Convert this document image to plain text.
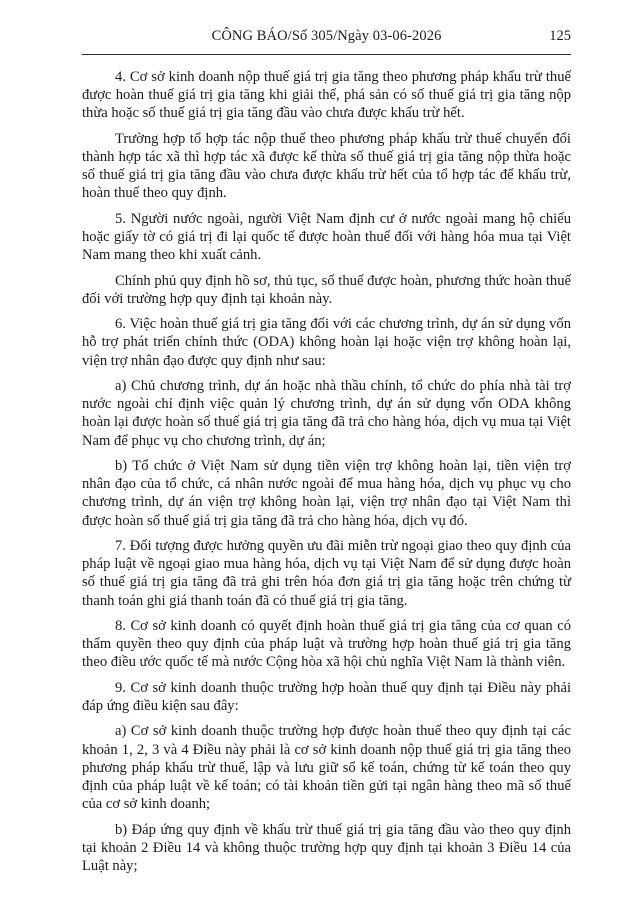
CÔNG BÁO/Số 305/Ngày 03-06-2026	125

4. Cơ sở kinh doanh nộp thuế giá trị gia tăng theo phương pháp khấu trừ thuế được hoàn thuế giá trị gia tăng khi giải thể, phá sản có số thuế giá trị gia tăng nộp thừa hoặc số thuế giá trị gia tăng đầu vào chưa được khấu trừ hết.

Trường hợp tổ hợp tác nộp thuế theo phương pháp khấu trừ thuế chuyển đổi thành hợp tác xã thì hợp tác xã được kế thừa số thuế giá trị gia tăng nộp thừa hoặc số thuế giá trị gia tăng đầu vào chưa được khấu trừ hết của tổ hợp tác để khấu trừ, hoàn thuế theo quy định.

5. Người nước ngoài, người Việt Nam định cư ở nước ngoài mang hộ chiếu hoặc giấy tờ có giá trị đi lại quốc tế được hoàn thuế đối với hàng hóa mua tại Việt Nam mang theo khi xuất cảnh.

Chính phủ quy định hồ sơ, thủ tục, số thuế được hoàn, phương thức hoàn thuế đối với trường hợp quy định tại khoản này.

6. Việc hoàn thuế giá trị gia tăng đối với các chương trình, dự án sử dụng vốn hỗ trợ phát triển chính thức (ODA) không hoàn lại hoặc viện trợ không hoàn lại, viện trợ nhân đạo được quy định như sau:

a) Chủ chương trình, dự án hoặc nhà thầu chính, tổ chức do phía nhà tài trợ nước ngoài chỉ định việc quản lý chương trình, dự án sử dụng vốn ODA không hoàn lại được hoàn số thuế giá trị gia tăng đã trả cho hàng hóa, dịch vụ mua tại Việt Nam để phục vụ cho chương trình, dự án;

b) Tổ chức ở Việt Nam sử dụng tiền viện trợ không hoàn lại, tiền viện trợ nhân đạo của tổ chức, cá nhân nước ngoài để mua hàng hóa, dịch vụ phục vụ cho chương trình, dự án viện trợ không hoàn lại, viện trợ nhân đạo tại Việt Nam thì được hoàn số thuế giá trị gia tăng đã trả cho hàng hóa, dịch vụ đó.

7. Đối tượng được hưởng quyền ưu đãi miễn trừ ngoại giao theo quy định của pháp luật về ngoại giao mua hàng hóa, dịch vụ tại Việt Nam để sử dụng được hoàn số thuế giá trị gia tăng đã trả ghi trên hóa đơn giá trị gia tăng hoặc trên chứng từ thanh toán ghi giá thanh toán đã có thuế giá trị gia tăng.

8. Cơ sở kinh doanh có quyết định hoàn thuế giá trị gia tăng của cơ quan có thẩm quyền theo quy định của pháp luật và trường hợp hoàn thuế giá trị gia tăng theo điều ước quốc tế mà nước Cộng hòa xã hội chủ nghĩa Việt Nam là thành viên.

9. Cơ sở kinh doanh thuộc trường hợp hoàn thuế quy định tại Điều này phải đáp ứng điều kiện sau đây:

a) Cơ sở kinh doanh thuộc trường hợp được hoàn thuế theo quy định tại các khoản 1, 2, 3 và 4 Điều này phải là cơ sở kinh doanh nộp thuế giá trị gia tăng theo phương pháp khấu trừ thuế, lập và lưu giữ sổ kế toán, chứng từ kế toán theo quy định của pháp luật về kế toán; có tài khoản tiền gửi tại ngân hàng theo mã số thuế của cơ sở kinh doanh;

b) Đáp ứng quy định về khấu trừ thuế giá trị gia tăng đầu vào theo quy định tại khoản 2 Điều 14 và không thuộc trường hợp quy định tại khoản 3 Điều 14 của Luật này;
